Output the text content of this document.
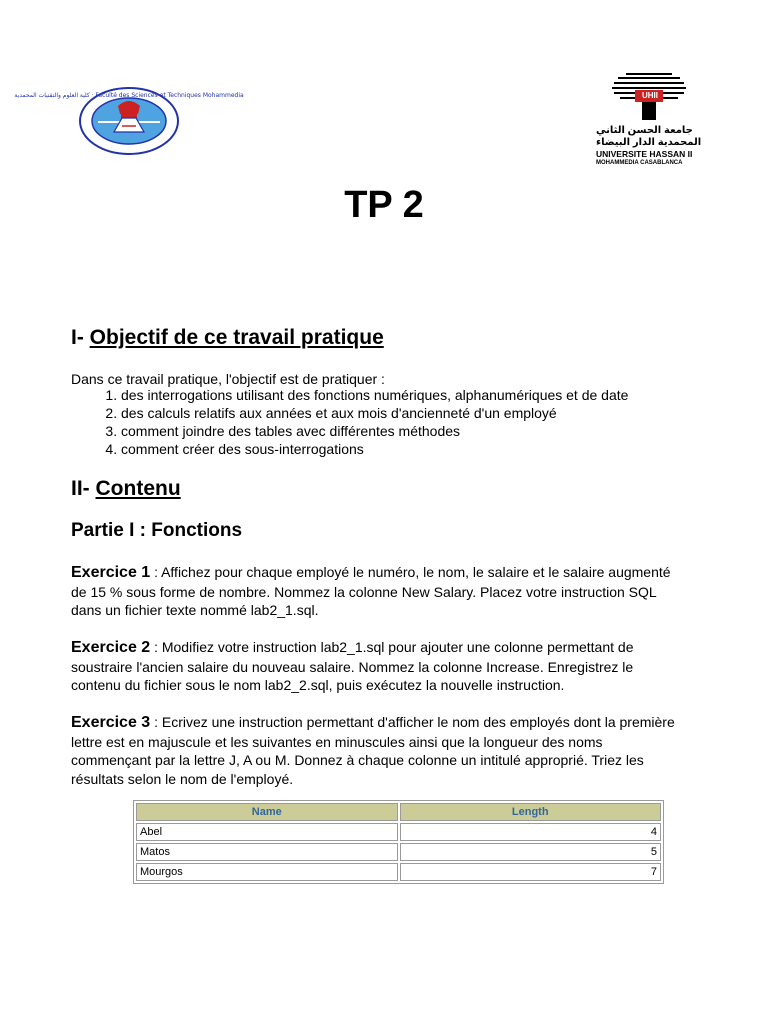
كلية العلوم والتقنيات المحمدية · Faculté des Sciences et Techniques Mohammedia	UHII
جامعة الحسن الثاني
المحمدية الدار البيضاء
UNIVERSITE HASSAN II
MOHAMMEDIA CASABLANCA
TP 2
I- Objectif de ce travail pratique
Dans ce travail pratique, l'objectif est de pratiquer :
1. des interrogations utilisant des fonctions numériques, alphanumériques et de date
2. des calculs relatifs aux années et aux mois d'ancienneté d'un employé
3. comment joindre des tables avec différentes méthodes
4. comment créer des sous-interrogations
II- Contenu
Partie I : Fonctions
Exercice 1 : Affichez pour chaque employé le numéro, le nom, le salaire et le salaire augmenté de 15 % sous forme de nombre. Nommez la colonne New Salary. Placez votre instruction SQL dans un fichier texte nommé lab2_1.sql.
Exercice 2 : Modifiez votre instruction lab2_1.sql pour ajouter une colonne permettant de soustraire l'ancien salaire du nouveau salaire. Nommez la colonne Increase. Enregistrez le contenu du fichier sous le nom lab2_2.sql, puis exécutez la nouvelle instruction.
Exercice 3 : Ecrivez une instruction permettant d'afficher le nom des employés dont la première lettre est en majuscule et les suivantes en minuscules ainsi que la longueur des noms commençant par la lettre J, A ou M. Donnez à chaque colonne un intitulé approprié. Triez les résultats selon le nom de l'employé.
Name	Length
Abel	4
Matos	5
Mourgos	7
